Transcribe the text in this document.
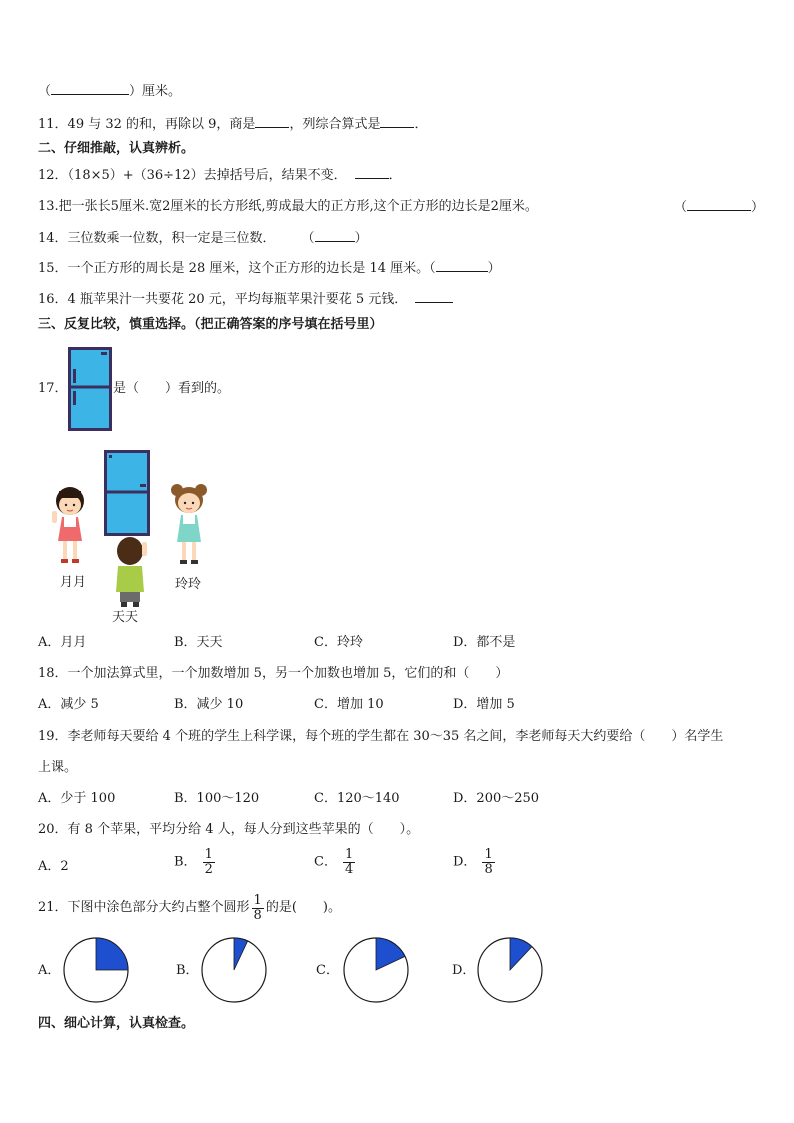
（	）厘米。
11．49 与 32 的和，再除以 9，商是	，列综合算式是	．
二、仔细推敲，认真辨析。
12．（18×5）+（36÷12）去掉括号后，结果不变．	．
13.把一张长5厘米.宽2厘米的长方形纸,剪成最大的正方形,这个正方形的边长是2厘米。	（	）
14．三位数乘一位数，积一定是三位数． （	）
15．一个正方形的周长是 28 厘米，这个正方形的边长是 14 厘米。（	）
16．4 瓶苹果汁一共要花 20 元，平均每瓶苹果汁要花 5 元钱．
三、反复比较，慎重选择。（把正确答案的序号填在括号里）
17．	是（　　）看到的。
月月	玲玲
天天
A．月月	B．天天	C．玲玲	D．都不是
18．一个加法算式里，一个加数增加 5，另一个加数也增加 5，它们的和（　　）
A．减少 5	B．减少 10	C．增加 10	D．增加 5
19．李老师每天要给 4 个班的学生上科学课，每个班的学生都在 30～35 名之间，李老师每天大约要给（　　）名学生
上课。
A．少于 100	B．100～120	C．120～140	D．200～250
20．有 8 个苹果，平均分给 4 人，每人分到这些苹果的（　　）。
A．2	B． $\frac{1}{2}$	C． $\frac{1}{4}$	D． $\frac{1}{8}$
21．下图中涂色部分大约占整个圆形 $\frac{1}{8}$ 的是(　　)。
A．	B．	C．	D．
四、细心计算，认真检查。
